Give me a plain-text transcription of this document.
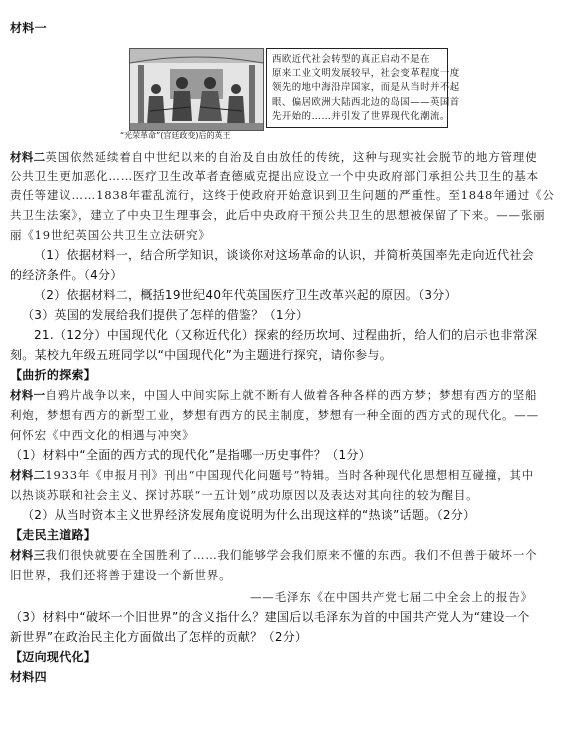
材料一
“光荣革命”(宫廷政变)后的英王
西欧近代社会转型的真正启动不是在
原来工业文明发展较早，社会变革程度一度
领先的地中海沿岸国家，而是从当时并不起
眼、偏居欧洲大陆西北边的岛国——英国首
先开始的……并引发了世界现代化潮流。
材料二英国依然延续着自中世纪以来的自治及自由放任的传统，这种与现实社会脱节的地方管理使
公共卫生更加恶化……医疗卫生改革者査德威克提出应设立一个中央政府部门承担公共卫生的基本
责任等建议……1838年霍乱流行，这终于使政府开始意识到卫生问题的严重性。至1848年通过《公
共卫生法案》，建立了中央卫生理事会，此后中央政府干预公共卫生的思想被保留了下来。——张丽
丽《19世纪英国公共卫生立法研究》
（1）依据材料一，结合所学知识，谈谈你对这场革命的认识，并简析英国率先走向近代社会
的经济条件。（4分）
（2）依据材料二，概括19世纪40年代英国医疗卫生改革兴起的原因。（3分）
（3）英国的发展给我们提供了怎样的借鉴？（1分）
21.（12分）中国现代化（又称近代化）探索的经历坎坷、过程曲折，给人们的启示也非常深
刻。某校九年级五班同学以“中国现代化”为主题进行探究，请你参与。
【曲折的探索】
材料一自鸦片战争以来，中国人中间实际上就不断有人做着各种各样的西方梦；梦想有西方的坚船
利炮，梦想有西方的新型工业，梦想有西方的民主制度，梦想有一种全面的西方式的现代化。——
何怀宏《中西文化的相遇与冲突》
（1）材料中“全面的西方式的现代化”是指哪一历史事件？（1分）
材料二1933年《申报月刊》刊出“中国现代化问题号”特辑。当时各种现代化思想相互碰撞，其中
以热谈苏联和社会主义、探讨苏联“一五计划”成功原因以及表达对其向往的较为醒目。
（2）从当时资本主义世界经济发展角度说明为什么出现这样的“热谈”话题。（2分）
【走民主道路】
材料三我们很快就要在全国胜利了……我们能够学会我们原来不懂的东西。我们不但善于破坏一个
旧世界，我们还将善于建设一个新世界。
——毛泽东《在中国共产党七届二中全会上的报告》
（3）材料中“破坏一个旧世界”的含义指什么？建国后以毛泽东为首的中国共产党人为“建设一个
新世界”在政治民主化方面做出了怎样的贡献？（2分）
【迈向现代化】
材料四
